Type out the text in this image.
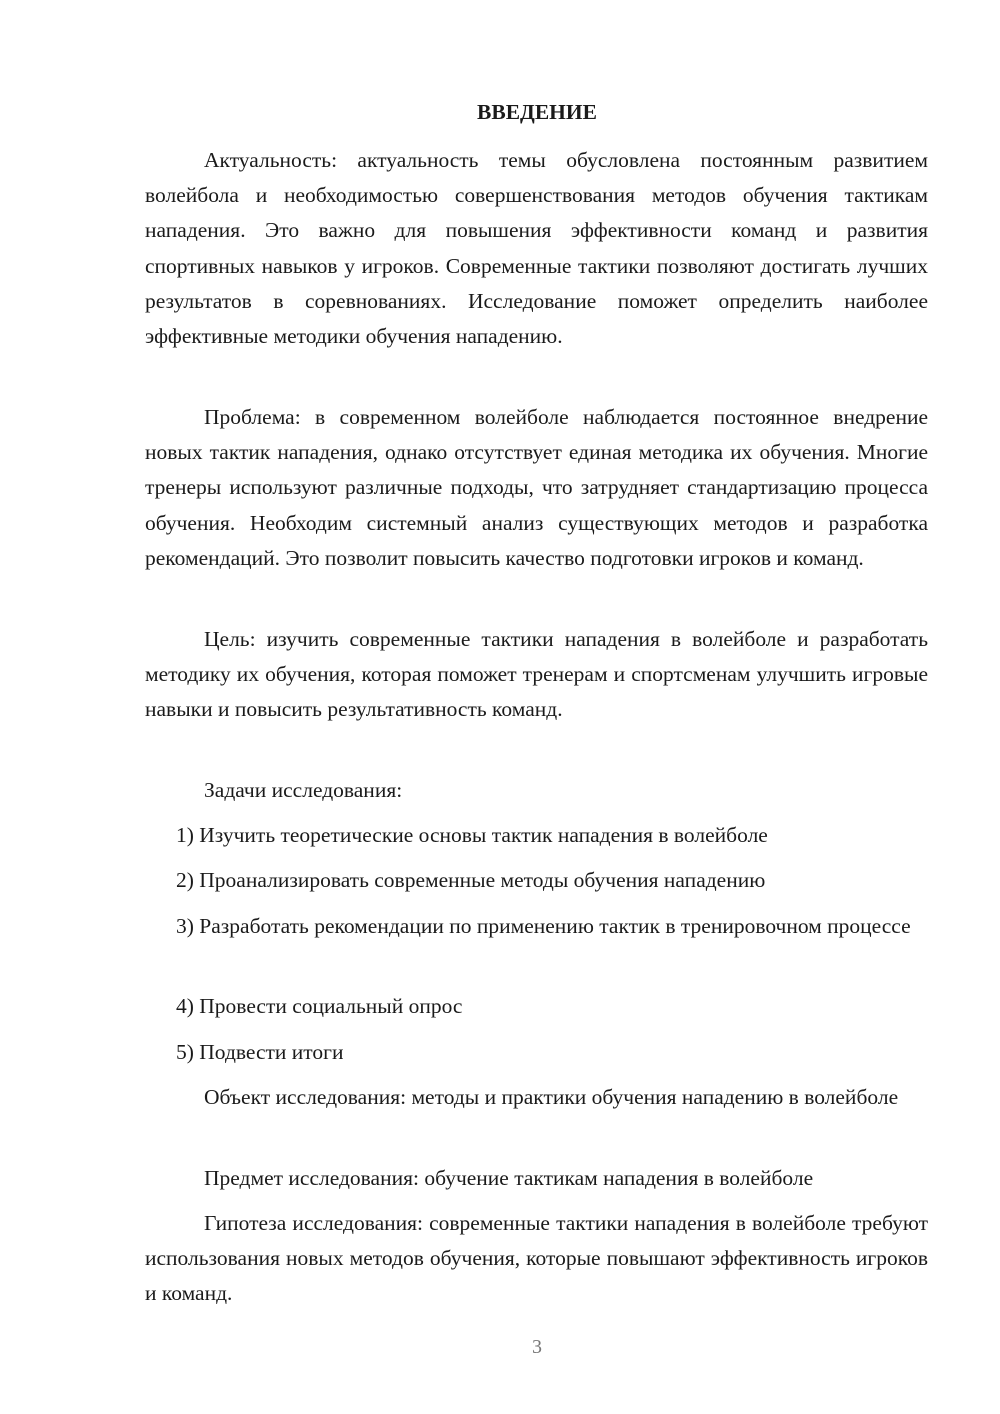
ВВЕДЕНИЕ

Актуальность: актуальность темы обусловлена постоянным развитием волейбола и необходимостью совершенствования методов обучения тактикам нападения. Это важно для повышения эффективности команд и развития спортивных навыков у игроков. Современные тактики позволяют достигать лучших результатов в соревнованиях. Исследование поможет определить наиболее эффективные методики обучения нападению.

Проблема: в современном волейболе наблюдается постоянное внедрение новых тактик нападения, однако отсутствует единая методика их обучения. Многие тренеры используют различные подходы, что затрудняет стандартизацию процесса обучения. Необходим системный анализ существующих методов и разработка рекомендаций. Это позволит повысить качество подготовки игроков и команд.

Цель: изучить современные тактики нападения в волейболе и разработать методику их обучения, которая поможет тренерам и спортсменам улучшить игровые навыки и повысить результативность команд.

Задачи исследования:

1) Изучить теоретические основы тактик нападения в волейболе

2) Проанализировать современные методы обучения нападению

3) Разработать рекомендации по применению тактик в тренировочном процессе

4) Провести социальный опрос

5) Подвести итоги

Объект исследования: методы и практики обучения нападению в волейболе

Предмет исследования: обучение тактикам нападения в волейболе

Гипотеза исследования: современные тактики нападения в волейболе требуют использования новых методов обучения, которые повышают эффективность игроков и команд.

3
